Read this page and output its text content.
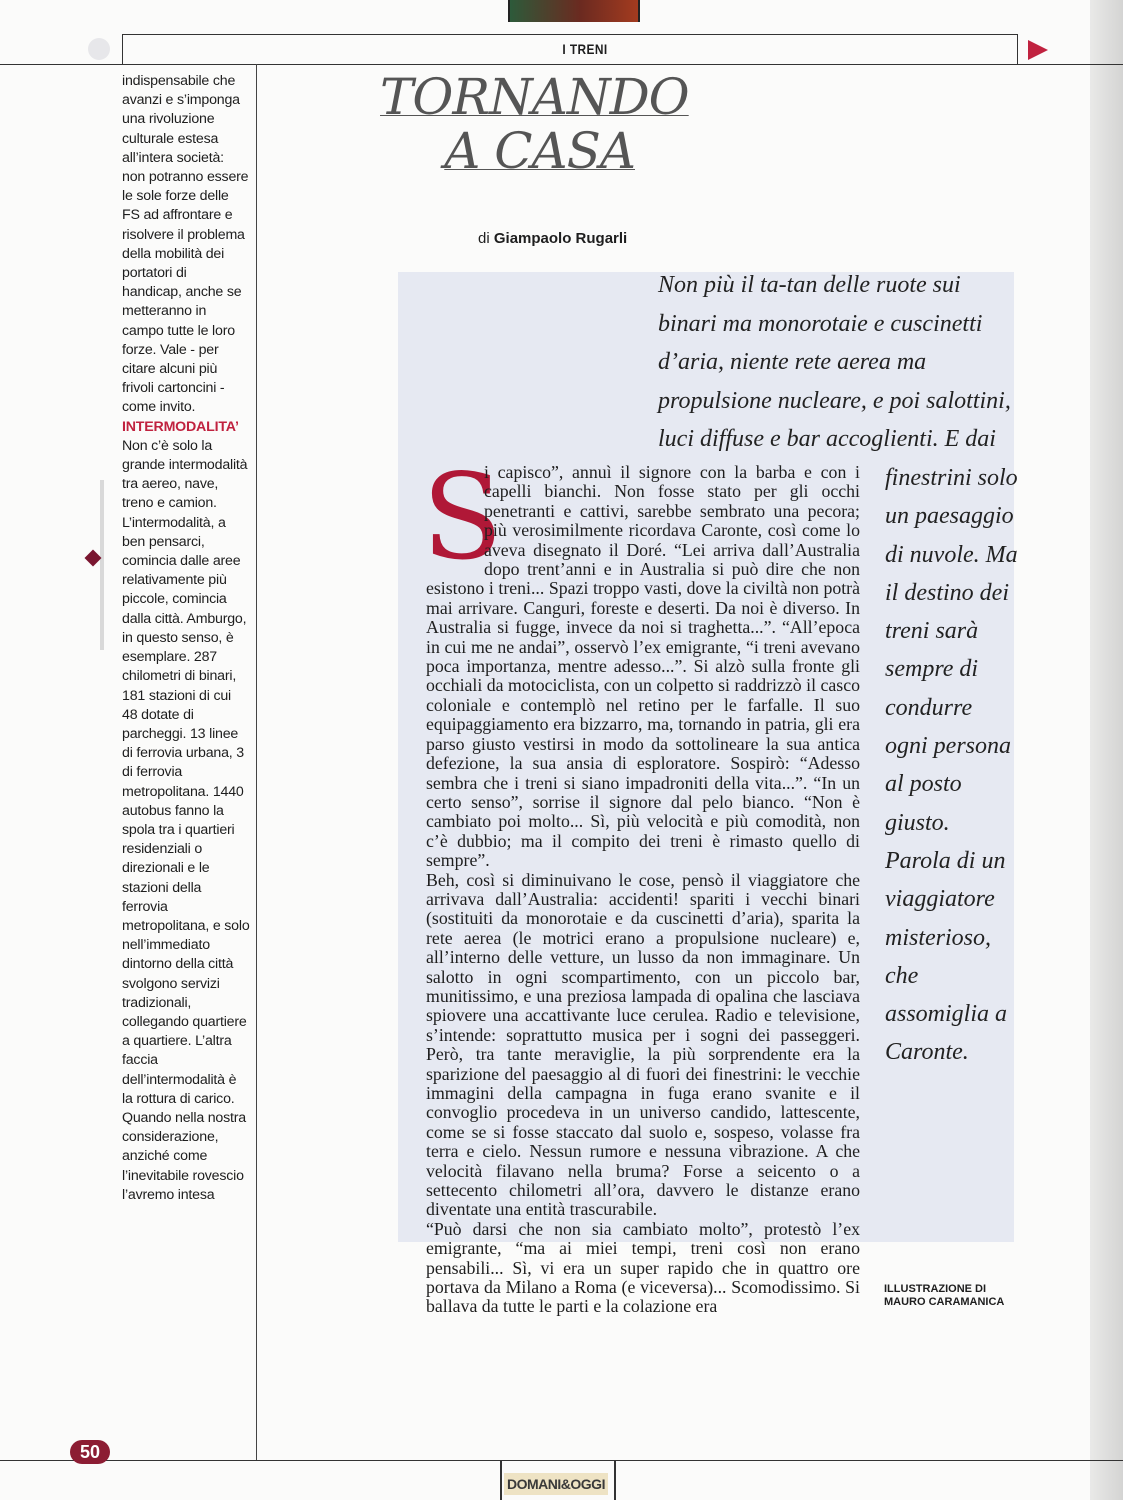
I TRENI

indispensabile che avanzi e s’imponga una rivoluzione culturale estesa all’intera società: non potranno essere le sole forze delle FS ad affrontare e risolvere il problema della mobilità dei portatori di handicap, anche se metteranno in campo tutte le loro forze. Vale - per citare alcuni più frivoli cartoncini - come invito.

INTERMODALITA’

Non c’è solo la grande intermodalità tra aereo, nave, treno e camion. L’intermodalità, a ben pensarci, comincia dalle aree relativamente più piccole, comincia dalla città. Amburgo, in questo senso, è esemplare. 287 chilometri di binari, 181 stazioni di cui 48 dotate di parcheggi. 13 linee di ferrovia urbana, 3 di ferrovia metropolitana. 1440 autobus fanno la spola tra i quartieri residenziali o direzionali e le stazioni della ferrovia metropolitana, e solo nell’immediato dintorno della città svolgono servizi tradizionali, collegando quartiere a quartiere. L’altra faccia dell’intermodalità è la rottura di carico. Quando nella nostra considerazione, anziché come l’inevitabile rovescio l’avremo intesa

TORNANDO
A CASA
di Giampaolo Rugarli
Non più il ta-tan delle ruote sui binari ma monorotaie e cuscinetti d’aria, niente rete aerea ma propulsione nucleare, e poi salottini, luci diffuse e bar accoglienti. E dai
finestrini solo un paesaggio di nuvole. Ma il destino dei treni sarà sempre di condurre ogni persona al posto giusto. Parola di un viaggiatore misterioso, che assomiglia a Caronte.
S

i capisco”, annuì il signore con la barba e con i capelli bianchi. Non fosse stato per gli occhi penetranti e cattivi, sarebbe sembrato una pecora; più verosimilmente ricordava Caronte, così come lo aveva disegnato il Doré. “Lei arriva dall’Australia dopo trent’anni e in Australia si può dire che non esistono i treni... Spazi troppo vasti, dove la civiltà non potrà mai arrivare. Canguri, foreste e deserti. Da noi è diverso. In Australia si fugge, invece da noi si traghetta...”. “All’epoca in cui me ne andai”, osservò l’ex emigrante, “i treni avevano poca importanza, mentre adesso...”. Si alzò sulla fronte gli occhiali da motociclista, con un colpetto si raddrizzò il casco coloniale e contemplò nel retino per le farfalle. Il suo equipaggiamento era bizzarro, ma, tornando in patria, gli era parso giusto vestirsi in modo da sottolineare la sua antica defezione, la sua ansia di esploratore. Sospirò: “Adesso sembra che i treni si siano impadroniti della vita...”. “In un certo senso”, sorrise il signore dal pelo bianco. “Non è cambiato poi molto... Sì, più velocità e più comodità, non c’è dubbio; ma il compito dei treni è rimasto quello di sempre”.

Beh, così si diminuivano le cose, pensò il viaggiatore che arrivava dall’Australia: accidenti! spariti i vecchi binari (sostituiti da monorotaie e da cuscinetti d’aria), sparita la rete aerea (le motrici erano a propulsione nucleare) e, all’interno delle vetture, un lusso da non immaginare. Un salotto in ogni scompartimento, con un piccolo bar, munitissimo, e una preziosa lampada di opalina che lasciava spiovere una accattivante luce cerulea. Radio e televisione, s’intende: soprattutto musica per i sogni dei passeggeri. Però, tra tante meraviglie, la più sorprendente era la sparizione del paesaggio al di fuori dei finestrini: le vecchie immagini della campagna in fuga erano svanite e il convoglio procedeva in un universo candido, lattescente, come se si fosse staccato dal suolo e, sospeso, volasse fra terra e cielo. Nessun rumore e nessuna vibrazione. A che velocità filavano nella bruma? Forse a seicento o a settecento chilometri all’ora, davvero le distanze erano diventate una entità trascurabile.

“Può darsi che non sia cambiato molto”, protestò l’ex emigrante, “ma ai miei tempi, treni così non erano pensabili... Sì, vi era un super rapido che in quattro ore portava da Milano a Roma (e viceversa)... Scomodissimo. Si ballava da tutte le parti e la colazione era

ILLUSTRAZIONE DI
MAURO CARAMANICA
50
DOMANI&OGGI
